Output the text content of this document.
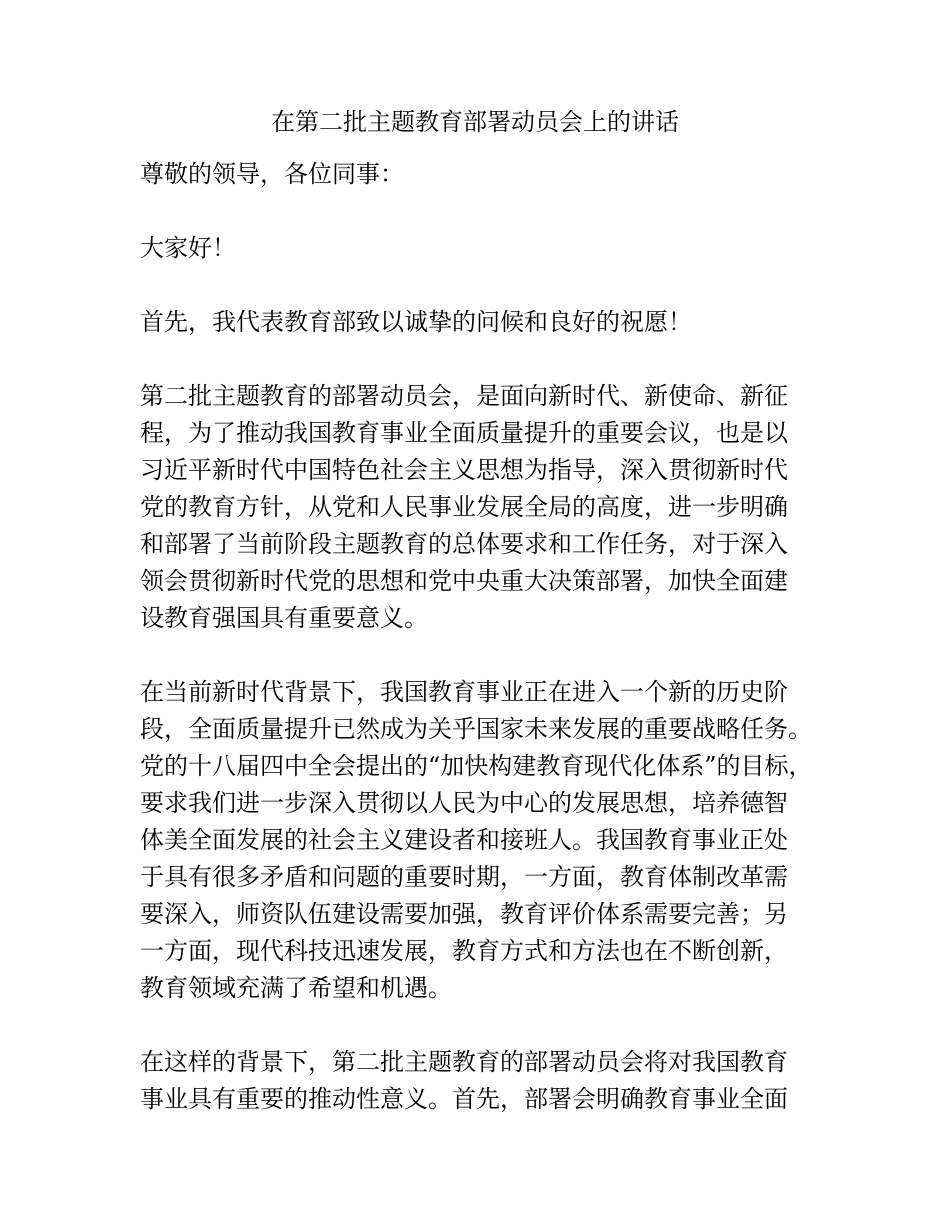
在第二批主题教育部署动员会上的讲话

尊敬的领导，各位同事：

大家好！

首先，我代表教育部致以诚挚的问候和良好的祝愿！

第二批主题教育的部署动员会，是面向新时代、新使命、新征
程，为了推动我国教育事业全面质量提升的重要会议，也是以
习近平新时代中国特色社会主义思想为指导，深入贯彻新时代
党的教育方针，从党和人民事业发展全局的高度，进一步明确
和部署了当前阶段主题教育的总体要求和工作任务，对于深入
领会贯彻新时代党的思想和党中央重大决策部署，加快全面建
设教育强国具有重要意义。

在当前新时代背景下，我国教育事业正在进入一个新的历史阶
段，全面质量提升已然成为关乎国家未来发展的重要战略任务。
党的十八届四中全会提出的“加快构建教育现代化体系”的目标，
要求我们进一步深入贯彻以人民为中心的发展思想，培养德智
体美全面发展的社会主义建设者和接班人。我国教育事业正处
于具有很多矛盾和问题的重要时期，一方面，教育体制改革需
要深入，师资队伍建设需要加强，教育评价体系需要完善；另
一方面，现代科技迅速发展，教育方式和方法也在不断创新，
教育领域充满了希望和机遇。

在这样的背景下，第二批主题教育的部署动员会将对我国教育
事业具有重要的推动性意义。首先，部署会明确教育事业全面
